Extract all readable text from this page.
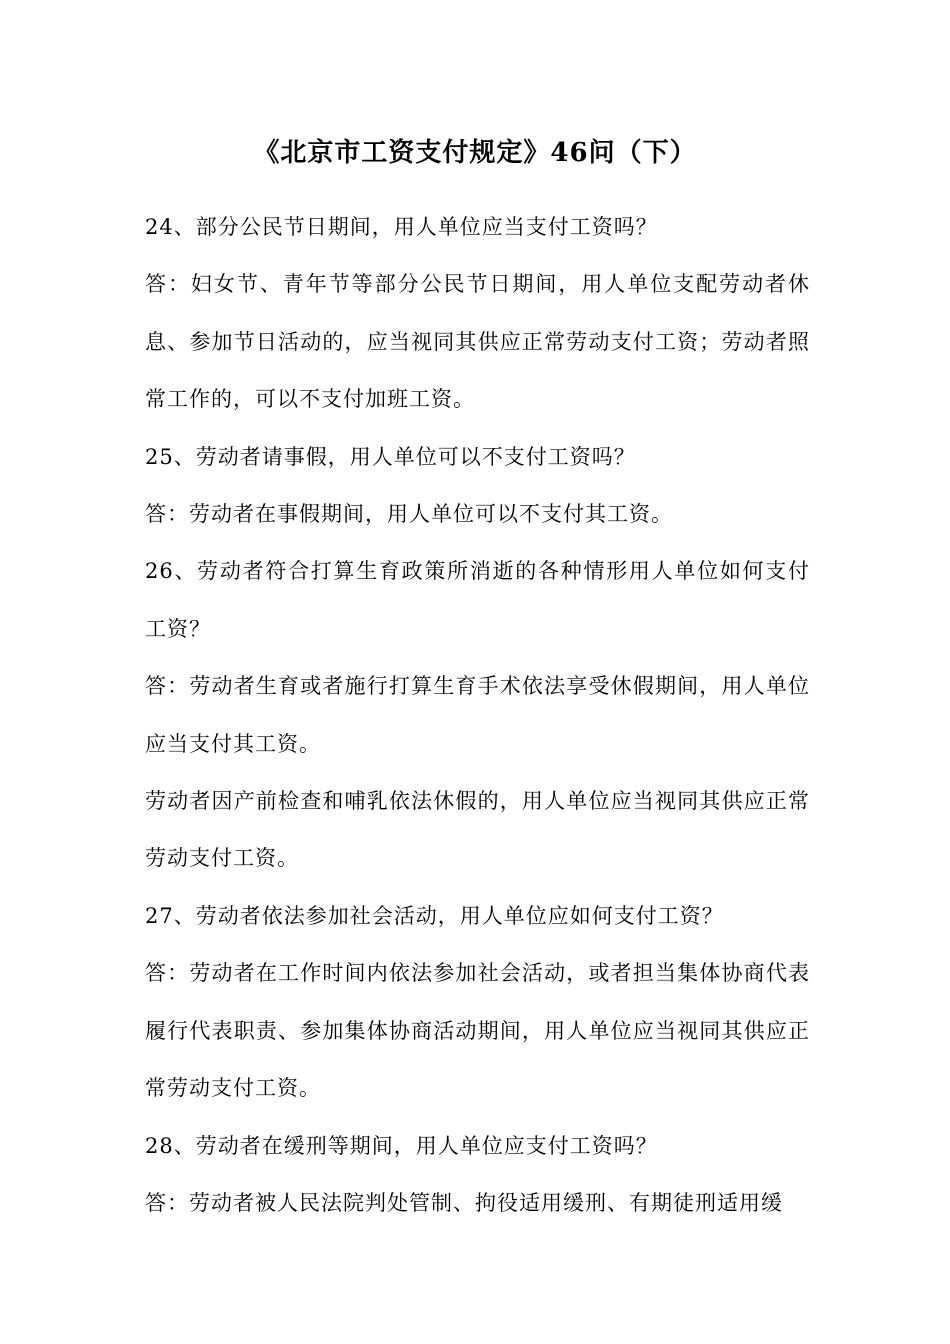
《北京市工资支付规定》46问（下）

24、部分公民节日期间，用人单位应当支付工资吗？

答：妇女节、青年节等部分公民节日期间，用人单位支配劳动者休息、参加节日活动的，应当视同其供应正常劳动支付工资；劳动者照常工作的，可以不支付加班工资。

25、劳动者请事假，用人单位可以不支付工资吗？

答：劳动者在事假期间，用人单位可以不支付其工资。

26、劳动者符合打算生育政策所消逝的各种情形用人单位如何支付工资？

答：劳动者生育或者施行打算生育手术依法享受休假期间，用人单位应当支付其工资。

劳动者因产前检查和哺乳依法休假的，用人单位应当视同其供应正常劳动支付工资。

27、劳动者依法参加社会活动，用人单位应如何支付工资？

答：劳动者在工作时间内依法参加社会活动，或者担当集体协商代表履行代表职责、参加集体协商活动期间，用人单位应当视同其供应正常劳动支付工资。

28、劳动者在缓刑等期间，用人单位应支付工资吗？

答：劳动者被人民法院判处管制、拘役适用缓刑、有期徒刑适用缓
